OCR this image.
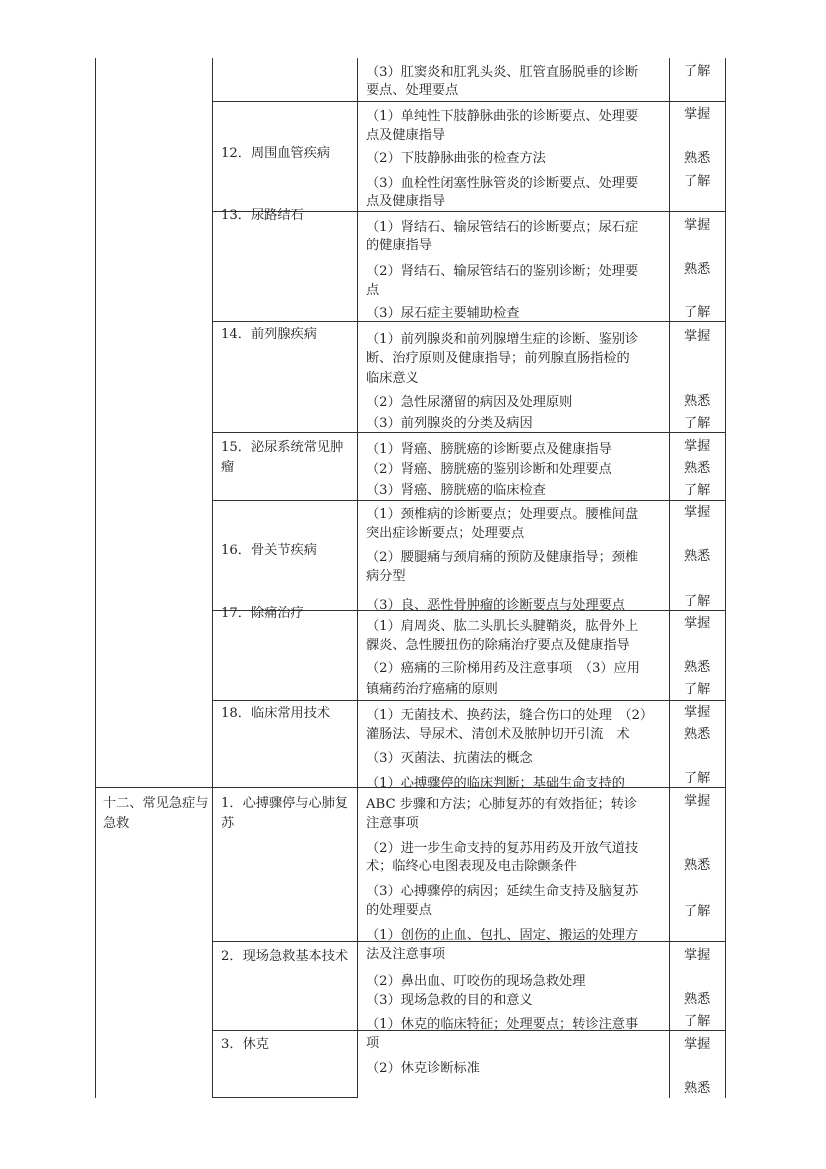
十二、常见急症与急救
12．周围血管疾病
13．尿路结石
14．前列腺疾病
15．泌尿系统常见肿瘤
16．骨关节疾病
17．除痛治疗
18．临床常用技术
1．心搏骤停与心肺复苏
2．现场急救基本技术
3．休克
（3）肛窦炎和肛乳头炎、肛管直肠脱垂的诊断
要点、处理要点
（1）单纯性下肢静脉曲张的诊断要点、处理要
点及健康指导
（2）下肢静脉曲张的检查方法
（3）血栓性闭塞性脉管炎的诊断要点、处理要
点及健康指导
（1）肾结石、输尿管结石的诊断要点；尿石症
的健康指导
（2）肾结石、输尿管结石的鉴别诊断；处理要
点
（3）尿石症主要辅助检查
（1）前列腺炎和前列腺增生症的诊断、鉴别诊
断、治疗原则及健康指导；前列腺直肠指检的
临床意义
（2）急性尿潴留的病因及处理原则
（3）前列腺炎的分类及病因
（1）肾癌、膀胱癌的诊断要点及健康指导
（2）肾癌、膀胱癌的鉴别诊断和处理要点
（3）肾癌、膀胱癌的临床检查
（1）颈椎病的诊断要点；处理要点。腰椎间盘
突出症诊断要点；处理要点
（2）腰腿痛与颈肩痛的预防及健康指导；颈椎
病分型
（3）良、恶性骨肿瘤的诊断要点与处理要点
（1）肩周炎、肱二头肌长头腱鞘炎，肱骨外上
髁炎、急性腰扭伤的除痛治疗要点及健康指导
（2）癌痛的三阶梯用药及注意事项　（3）应用
镇痛药治疗癌痛的原则
（1）无菌技术、换药法，缝合伤口的处理　（2）
灌肠法、导尿术、清创术及脓肿切开引流　术
（3）灭菌法、抗菌法的概念
（1）心搏骤停的临床判断；基础生命支持的
ABC 步骤和方法；心肺复苏的有效指征；转诊
注意事项
（2）进一步生命支持的复苏用药及开放气道技
术；临终心电图表现及电击除颤条件
（3）心搏骤停的病因；延续生命支持及脑复苏
的处理要点
（1）创伤的止血、包扎、固定、搬运的处理方
法及注意事项
（2）鼻出血、叮咬伤的现场急救处理
（3）现场急救的目的和意义
（1）休克的临床特征；处理要点；转诊注意事
项
（2）休克诊断标准
了解
掌握
熟悉
了解
掌握
熟悉
了解
掌握
熟悉
了解
掌握
熟悉
了解
掌握
熟悉
了解
掌握
熟悉
了解
掌握
熟悉
了解
掌握
熟悉
了解
掌握
熟悉
了解
掌握
熟悉
